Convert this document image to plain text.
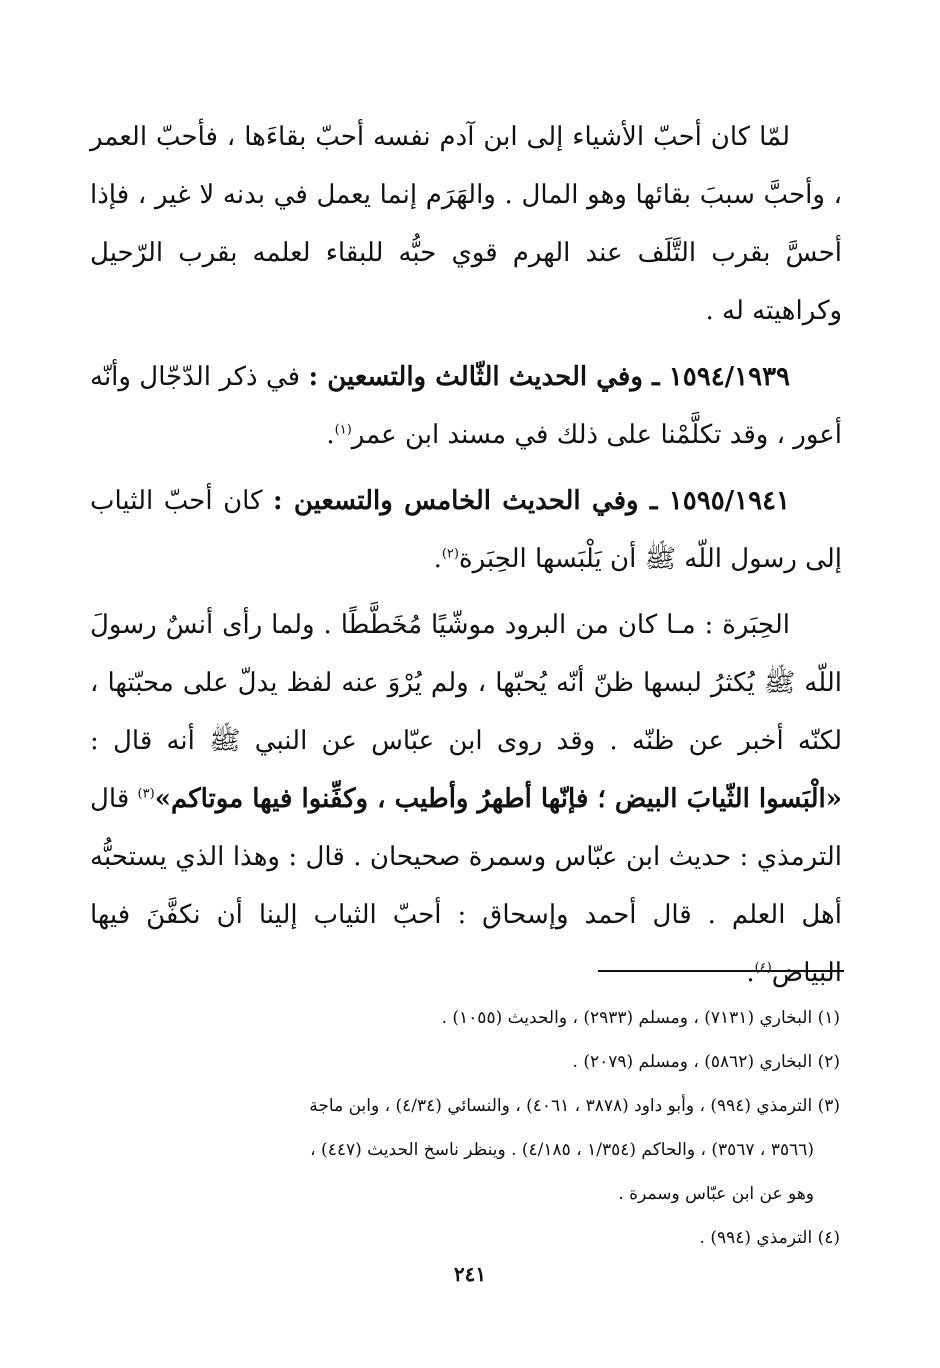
لمّا كان أحبّ الأشياء إلى ابن آدم نفسه أحبّ بقاءَها ، فأحبّ العمر ، وأحبَّ سببَ بقائها وهو المال . والهَرَم إنما يعمل في بدنه لا غير ، فإذا أحسَّ بقرب التَّلَف عند الهرم قوي حبُّه للبقاء لعلمه بقرب الرّحيل وكراهيته له .

١٥٩٤/١٩٣٩ ـ وفي الحديث الثّالث والتسعين : في ذكر الدّجّال وأنّه أعور ، وقد تكلَّمْنا على ذلك في مسند ابن عمر$^{(١)}$.

١٥٩٥/١٩٤١ ـ وفي الحديث الخامس والتسعين : كان أحبّ الثياب إلى رسول اللّه ﷺ أن يَلْبَسها الحِبَرة$^{(٢)}$.

الحِبَرة : مـا كان من البرود موشّيًا مُخَطَّطًا . ولما رأى أنسٌ رسولَ اللّه ﷺ يُكثرُ لبسها ظنّ أنّه يُحبّها ، ولم يُرْوَ عنه لفظ يدلّ على محبّتها ، لكنّه أخبر عن ظنّه . وقد روى ابن عبّاس عن النبي ﷺ أنه قال : «الْبَسوا الثّيابَ البيض ؛ فإنّها أطهرُ وأطيب ، وكفِّنوا فيها موتاكم»$^{(٣)}$ قال الترمذي : حديث ابن عبّاس وسمرة صحيحان . قال : وهذا الذي يستحبُّه أهل العلم . قال أحمد وإسحاق : أحبّ الثياب إلينا أن نكفَّنَ فيها البياض$^{(٤)}$.

(١) البخاري (٧١٣١) ، ومسلم (٢٩٣٣) ، والحديث (١٠٥٥) .

(٢) البخاري (٥٨٦٢) ، ومسلم (٢٠٧٩) .

(٣) الترمذي (٩٩٤) ، وأبو داود (٣٨٧٨ ، ٤٠٦١) ، والنسائي (٤/٣٤) ، وابن ماجة

(٣٥٦٦ ، ٣٥٦٧) ، والحاكم (١/٣٥٤ ، ٤/١٨٥) . وينظر ناسخ الحديث (٤٤٧) ،

وهو عن ابن عبّاس وسمرة .

(٤) الترمذي (٩٩٤) .

٢٤١
